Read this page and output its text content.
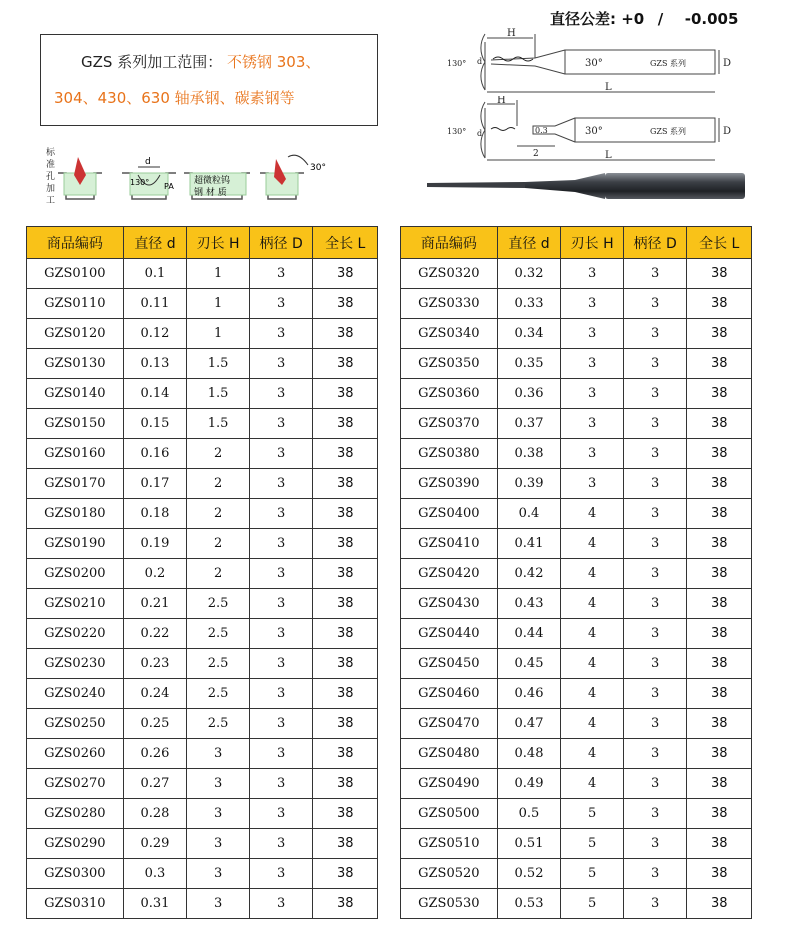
直径公差: +0 / -0.005
GZS 系列加工范围： 不锈钢 303、
304、430、630 轴承钢、碳素钢等
标
准
孔
加
工
d
130° PA
超微粒钨
钢 材 质
30°
H
d
130°	30°	GZS 系列	D
L
H
d	0.3
2
130°	30°	GZS 系列	D
L
商品编码	直径 d	刃长 H	柄径 D	全长 L
GZS0100	0.1	1	3	38
GZS0110	0.11	1	3	38
GZS0120	0.12	1	3	38
GZS0130	0.13	1.5	3	38
GZS0140	0.14	1.5	3	38
GZS0150	0.15	1.5	3	38
GZS0160	0.16	2	3	38
GZS0170	0.17	2	3	38
GZS0180	0.18	2	3	38
GZS0190	0.19	2	3	38
GZS0200	0.2	2	3	38
GZS0210	0.21	2.5	3	38
GZS0220	0.22	2.5	3	38
GZS0230	0.23	2.5	3	38
GZS0240	0.24	2.5	3	38
GZS0250	0.25	2.5	3	38
GZS0260	0.26	3	3	38
GZS0270	0.27	3	3	38
GZS0280	0.28	3	3	38
GZS0290	0.29	3	3	38
GZS0300	0.3	3	3	38
GZS0310	0.31	3	3	38
商品编码	直径 d	刃长 H	柄径 D	全长 L
GZS0320	0.32	3	3	38
GZS0330	0.33	3	3	38
GZS0340	0.34	3	3	38
GZS0350	0.35	3	3	38
GZS0360	0.36	3	3	38
GZS0370	0.37	3	3	38
GZS0380	0.38	3	3	38
GZS0390	0.39	3	3	38
GZS0400	0.4	4	3	38
GZS0410	0.41	4	3	38
GZS0420	0.42	4	3	38
GZS0430	0.43	4	3	38
GZS0440	0.44	4	3	38
GZS0450	0.45	4	3	38
GZS0460	0.46	4	3	38
GZS0470	0.47	4	3	38
GZS0480	0.48	4	3	38
GZS0490	0.49	4	3	38
GZS0500	0.5	5	3	38
GZS0510	0.51	5	3	38
GZS0520	0.52	5	3	38
GZS0530	0.53	5	3	38
